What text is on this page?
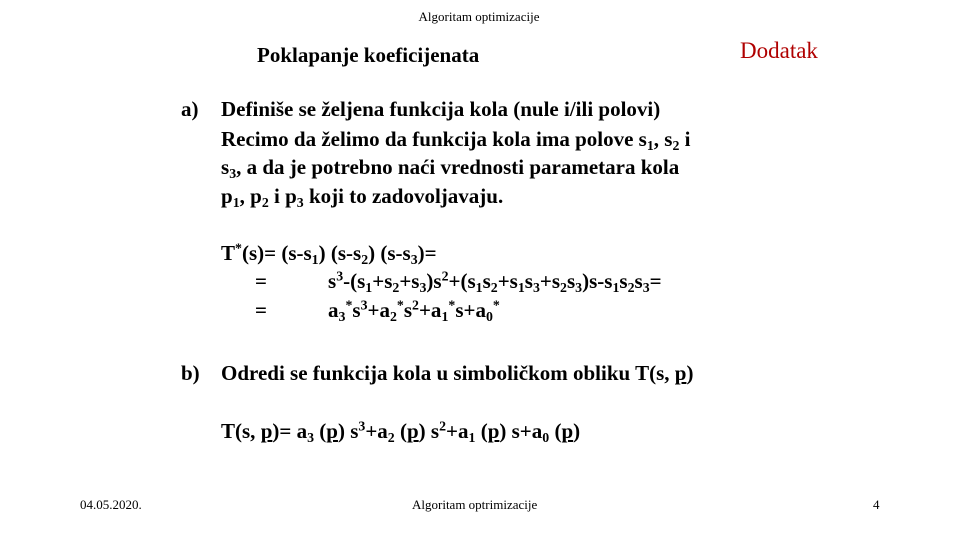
Algoritam optimizacije
Poklapanje koeficijenata	Dodatak
a) Definiše se željena funkcija kola (nule i/ili polovi)
Recimo da želimo da funkcija kola ima polove $s_1$, $s_2$ i
$s_3$, a da je potrebno naći vrednosti parametara kola
$p_1$, $p_2$ i $p_3$ koji to zadovoljavaju.
$T^*(s)= (s-s_1)$ $(s-s_2)$ $(s-s_3)=$
=	$s^3-(s_1+s_2+s_3)s^2+(s_1s_2+s_1s_3+s_2s_3)s-s_1s_2s_3=$
=	$a_3^*s^3+a_2^*s^2+a_1^*s+a_0^*$
b) Odredi se funkcija kola u simboličkom obliku T(s, p)
T(s, $p)= a_3$ (p) $s^3+a_2$ (p) $s^2+a_1$ (p) $s+a_0$ (p)
04.05.2020.	Algoritam optrimizacije	4
